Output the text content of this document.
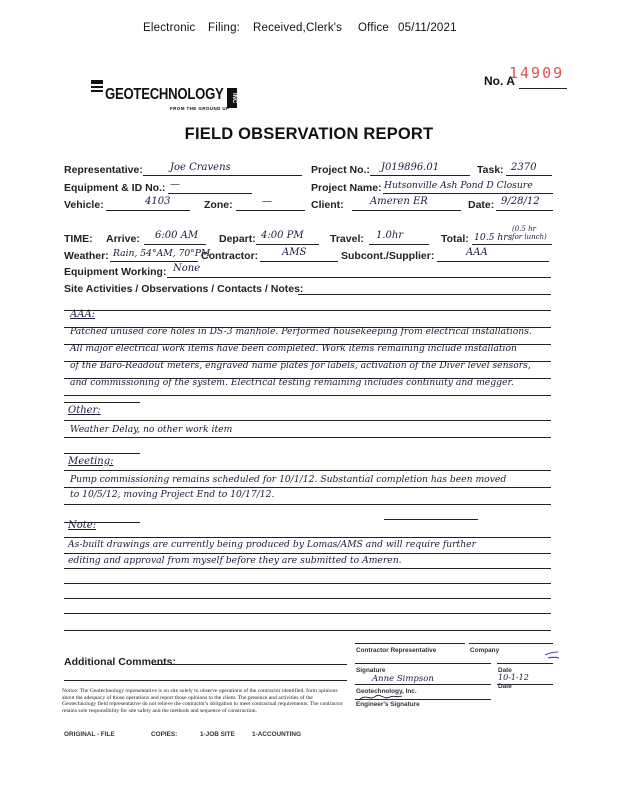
Electronic Filing: Received,Clerk's Office 05/11/2021
No. A
14909
GEOTECHNOLOGY	INC
FROM THE GROUND UP
FIELD OBSERVATION REPORT
Representative:	Joe Cravens	Project No.: J019896.01	Task: 2370
Equipment & ID No.: —	Project Name: Hutsonville Ash Pond D Closure
Vehicle:	4103	Zone:	—	Client:	Ameren ER	Date: 9/28/12
TIME: Arrive: 6:00 AM Depart: 4:00 PM	Travel: 1.0hr	Total: 10.5 hrs
(0.5 hr
for lunch)
Weather: Rain, 54°AM, 70°PM
Contractor: AMS	Subcont./Supplier:	AAA
Equipment Working: None
Site Activities / Observations / Contacts / Notes:
AAA:
Patched unused core holes in DS-3 manhole. Performed housekeeping from electrical installations.
All major electrical work items have been completed. Work items remaining include installation
of the Baro-Readout meters, engraved name plates for labels, activation of the Diver level sensors,
and commissioning of the system. Electrical testing remaining includes continuity and megger.
Other:
Weather Delay, no other work item
Meeting:
Pump commissioning remains scheduled for 10/1/12. Substantial completion has been moved
to 10/5/12, moving Project End to 10/17/12.
Note:
As-built drawings are currently being produced by Lomas/AMS and will require further
editing and approval from myself before they are submitted to Ameren.
Additional Comments:
Contractor Representative	Company
Signature
Anne Simpson
Geotechnology, Inc.
Engineer's Signature
Date
10-1-12
Date
Notice: The Geotechnology representative is on site solely to observe operations of the contractor identified, form opinions about the adequacy of those operations and report those opinions to the client. The presence and activities of the Geotechnology field representative do not relieve the contractor's obligation to meet contractual requirements. The contractor retains sole responsibility for site safety and the methods and sequence of construction.
ORIGINAL - FILE	COPIES:	1-JOB SITE	1-ACCOUNTING
